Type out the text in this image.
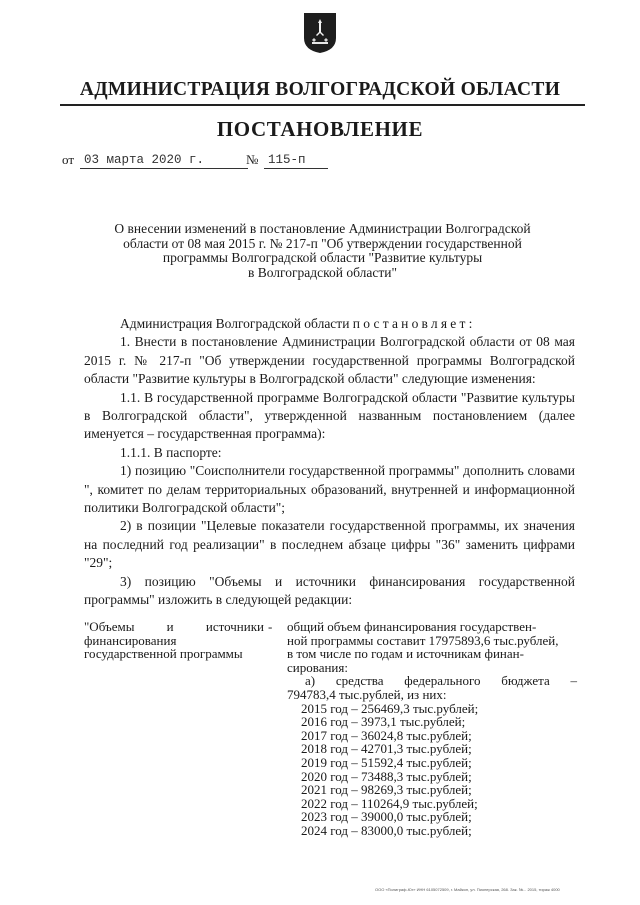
АДМИНИСТРАЦИЯ ВОЛГОГРАДСКОЙ ОБЛАСТИ
ПОСТАНОВЛЕНИЕ
от 03 марта 2020 г.	№ 115-п
О внесении изменений в постановление Администрации Волгоградской
области от 08 мая 2015 г. № 217-п "Об утверждении государственной
программы Волгоградской области "Развитие культуры
в Волгоградской области"

Администрация Волгоградской области постановляет:

1. Внести в постановление Администрации Волгоградской области от 08 мая 2015 г. № 217-п "Об утверждении государственной программы Волгоградской области "Развитие культуры в Волгоградской области" следующие изменения:

1.1. В государственной программе Волгоградской области "Развитие культуры в Волгоградской области", утвержденной названным постановлением (далее именуется – государственная программа):

1.1.1. В паспорте:

1) позицию "Соисполнители государственной программы" дополнить словами ", комитет по делам территориальных образований, внутренней и информационной политики Волгоградской области";

2) в позиции "Целевые показатели государственной программы, их значения на последний год реализации" в последнем абзаце цифры "36" заменить цифрами "29";

3) позицию "Объемы и источники финансирования государственной программы" изложить в следующей редакции:

"Объемы и источники финансирования государственной программы
-	общий объем финансирования государствен-
ной программы составит 17975893,6 тыс.рублей,
в том числе по годам и источникам финан-
сирования:
а) средства федерального бюджета –
794783,4 тыс.рублей, из них:
2015 год – 256469,3 тыс.рублей;
2016 год – 3973,1 тыс.рублей;
2017 год – 36024,8 тыс.рублей;
2018 год – 42701,3 тыс.рублей;
2019 год – 51592,4 тыс.рублей;
2020 год – 73488,3 тыс.рублей;
2021 год – 98269,3 тыс.рублей;
2022 год – 110264,9 тыс.рублей;
2023 год – 39000,0 тыс.рублей;
2024 год – 83000,0 тыс.рублей;
ООО «Полиграф-Юг» ИНН 6105072509, г. Майкоп, ул. Пионерская, 268. Зак. №... 2015, тираж 4000
